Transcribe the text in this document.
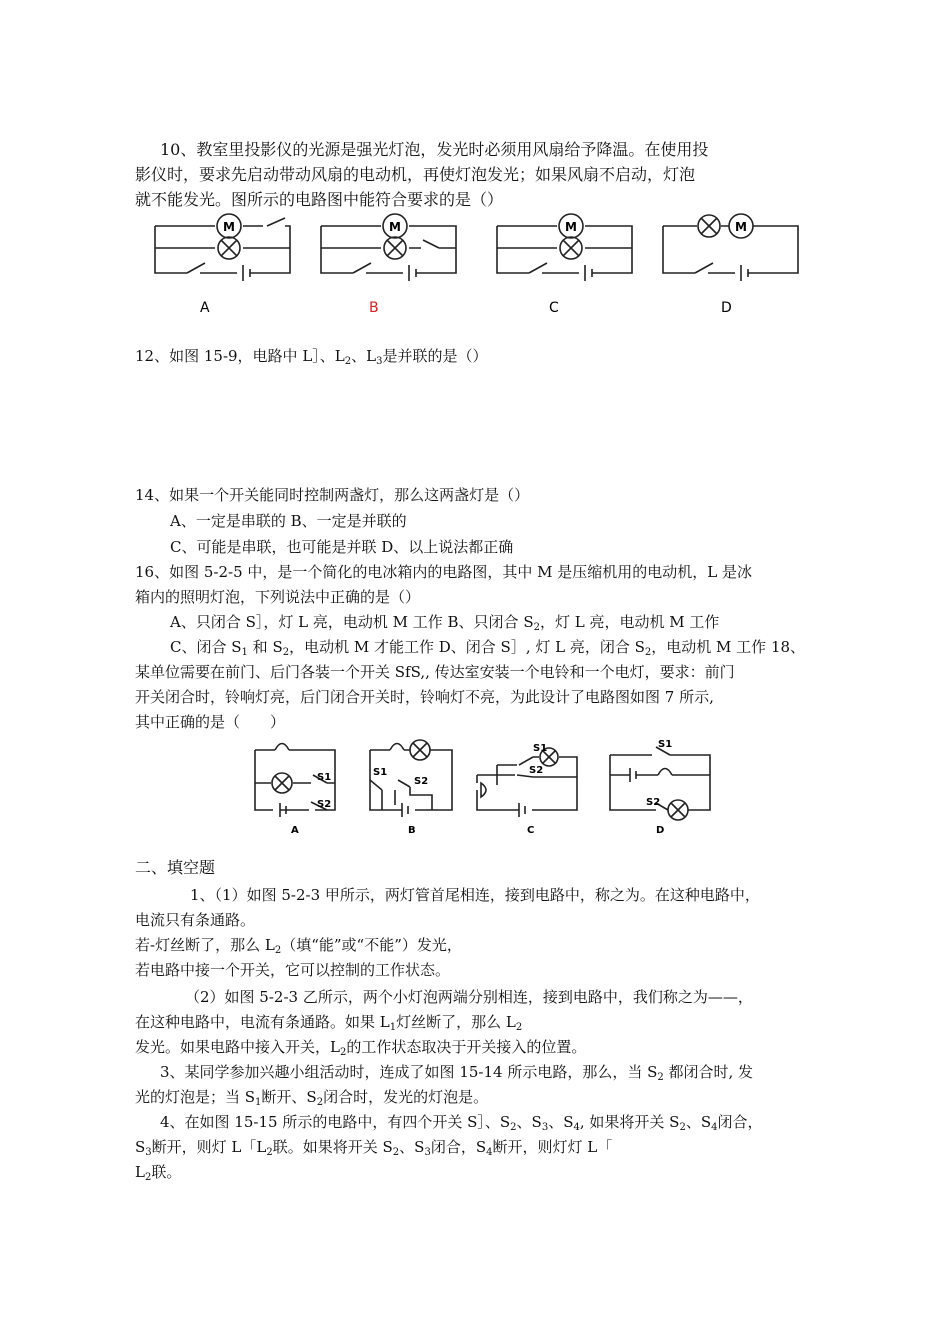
10、教室里投影仪的光源是强光灯泡，发光时必须用风扇给予降温。在使用投
影仪时，要求先启动带动风扇的电动机，再使灯泡发光；如果风扇不启动，灯泡
就不能发光。图所示的电路图中能符合要求的是（）
M
A
M
B
M
C
M
D
12、如图 15-9，电路中 L］、$L_2$、$L_3$是并联的是（）
14、如果一个开关能同时控制两盏灯，那么这两盏灯是（）
A、一定是串联的 B、一定是并联的
C、可能是串联，也可能是并联 D、以上说法都正确
16、如图 5-2-5 中，是一个简化的电冰箱内的电路图，其中 M 是压缩机用的电动机，L 是冰
箱内的照明灯泡，下列说法中正确的是（）
A、只闭合 S］，灯 L 亮，电动机 M 工作 B、只闭合 $S_2$，灯 L 亮，电动机 M 工作
C、闭合 $S_1$ 和 $S_2$，电动机 M 才能工作 D、闭合 S］, 灯 L 亮，闭合 $S_2$，电动机 M 工作 18、
某单位需要在前门、后门各装一个开关 SfS,, 传达室安装一个电铃和一个电灯，要求：前门
开关闭合时，铃响灯亮，后门闭合开关时，铃响灯不亮，为此设计了电路图如图 7 所示,
其中正确的是（　　）
S1
S2
A
S1
S2
B
S1
S2
C
S1
S2
D
二、填空题
1、（1）如图 5-2-3 甲所示，两灯管首尾相连，接到电路中，称之为。在这种电路中，
电流只有条通路。
若-灯丝断了，那么 $L_2$（填“能”或“不能”）发光，
若电路中接一个开关，它可以控制的工作状态。
（2）如图 5-2-3 乙所示，两个小灯泡两端分别相连，接到电路中，我们称之为——，
在这种电路中，电流有条通路。如果 $L_1$灯丝断了，那么 $L_2$
发光。如果电路中接入开关，$L_2$的工作状态取决于开关接入的位置。
3、某同学参加兴趣小组活动时，连成了如图 15-14 所示电路，那么，当 $S_2$ 都闭合时, 发
光的灯泡是；当 $S_1$断开、$S_2$闭合时，发光的灯泡是。
4、在如图 15-15 所示的电路中，有四个开关 S］、$S_2$、$S_3$、$S_4$, 如果将开关 $S_2$、$S_4$闭合，
$S_3$断开，则灯 L「$L_2$联。如果将开关 $S_2$、$S_3$闭合，$S_4$断开，则灯灯 L「
$L_2$联。
